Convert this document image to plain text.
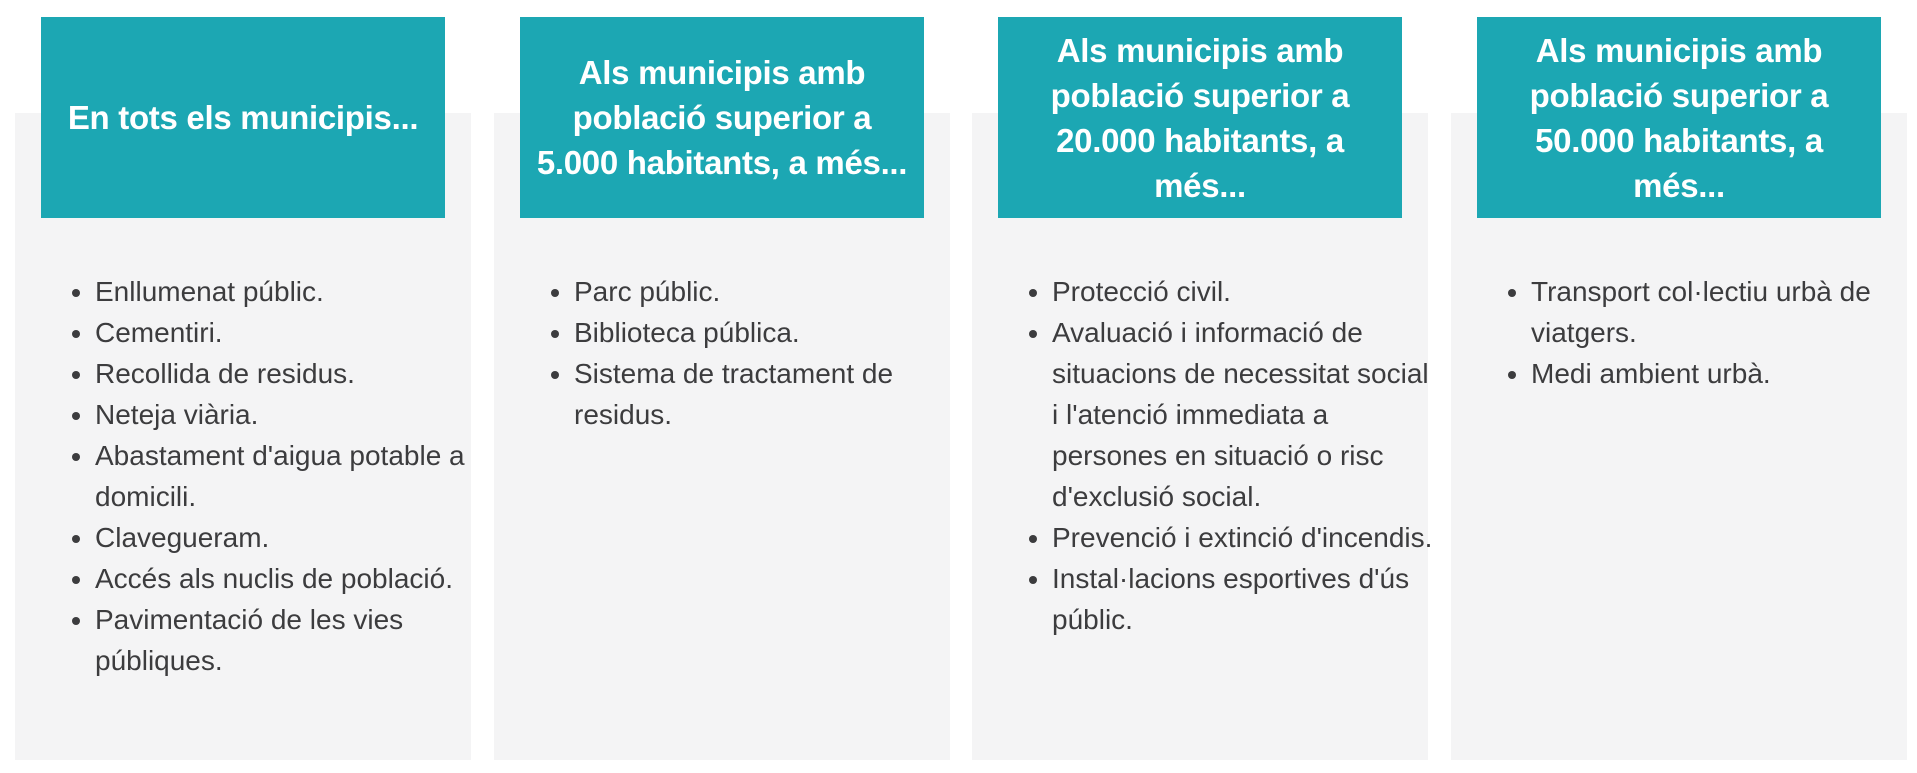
En tots els municipis...
• Enllumenat públic.
• Cementiri.
• Recollida de residus.
• Neteja viària.
• Abastament d'aigua potable a domicili.
• Clavegueram.
• Accés als nuclis de població.
• Pavimentació de les vies públiques.
Als municipis amb població superior a 5.000 habitants, a més...
• Parc públic.
• Biblioteca pública.
• Sistema de tractament de residus.
Als municipis amb població superior a 20.000 habitants, a més...
• Protecció civil.
• Avaluació i informació de situacions de necessitat social i l'atenció immediata a persones en situació o risc d'exclusió social.
• Prevenció i extinció d'incendis.
• Instal·lacions esportives d'ús públic.
Als municipis amb població superior a 50.000 habitants, a més...
• Transport col·lectiu urbà de viatgers.
• Medi ambient urbà.
